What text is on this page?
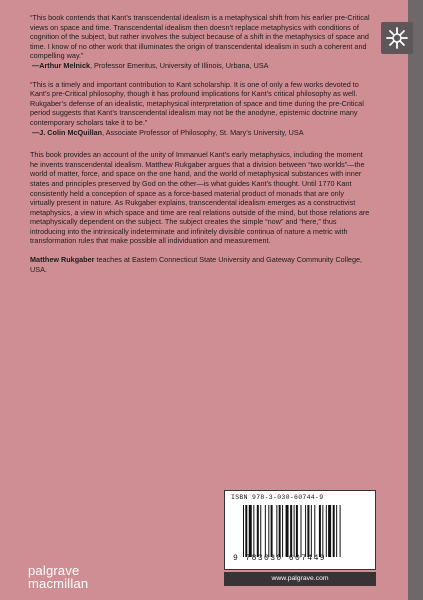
“This book contends that Kant’s transcendental idealism is a metaphysical shift from his earlier pre-Critical views on space and time. Transcendental idealism then doesn’t replace metaphysics with conditions of cognition of the subject, but rather involves the subject because of a shift in the metaphysics of space and time. I know of no other work that illuminates the origin of transcendental idealism in such a coherent and compelling way.”
—Arthur Melnick, Professor Emeritus, University of Illinois, Urbana, USA
“This is a timely and important contribution to Kant scholarship. It is one of only a few works devoted to Kant’s pre-Critical philosophy, though it has profound implications for Kant’s critical philosophy as well. Rukgaber’s defense of an idealistic, metaphysical interpretation of space and time during the pre-Critical period suggests that Kant’s transcendental idealism may not be the anodyne, epistemic doctrine many contemporary scholars take it to be.”
—J. Colin McQuillan, Associate Professor of Philosophy, St. Mary’s University, USA
This book provides an account of the unity of Immanuel Kant’s early metaphysics, including the moment he invents transcendental idealism. Matthew Rukgaber argues that a division between “two worlds”—the world of matter, force, and space on the one hand, and the world of metaphysical substances with inner states and principles preserved by God on the other—is what guides Kant’s thought. Until 1770 Kant consistently held a conception of space as a force-based material product of monads that are only virtually present in nature. As Rukgaber explains, transcendental idealism emerges as a constructivist metaphysics, a view in which space and time are real relations outside of the mind, but those relations are metaphysically dependent on the subject. The subject creates the simple “now” and “here,” thus introducing into the intrinsically indeterminate and infinitely divisible continua of nature a metric with transformation rules that make possible all individuation and measurement.
Matthew Rukgaber teaches at Eastern Connecticut State University and Gateway Community College, USA.
ISBN 978-3-030-60744-9
9 783030 607449
www.palgrave.com
palgrave
macmillan
